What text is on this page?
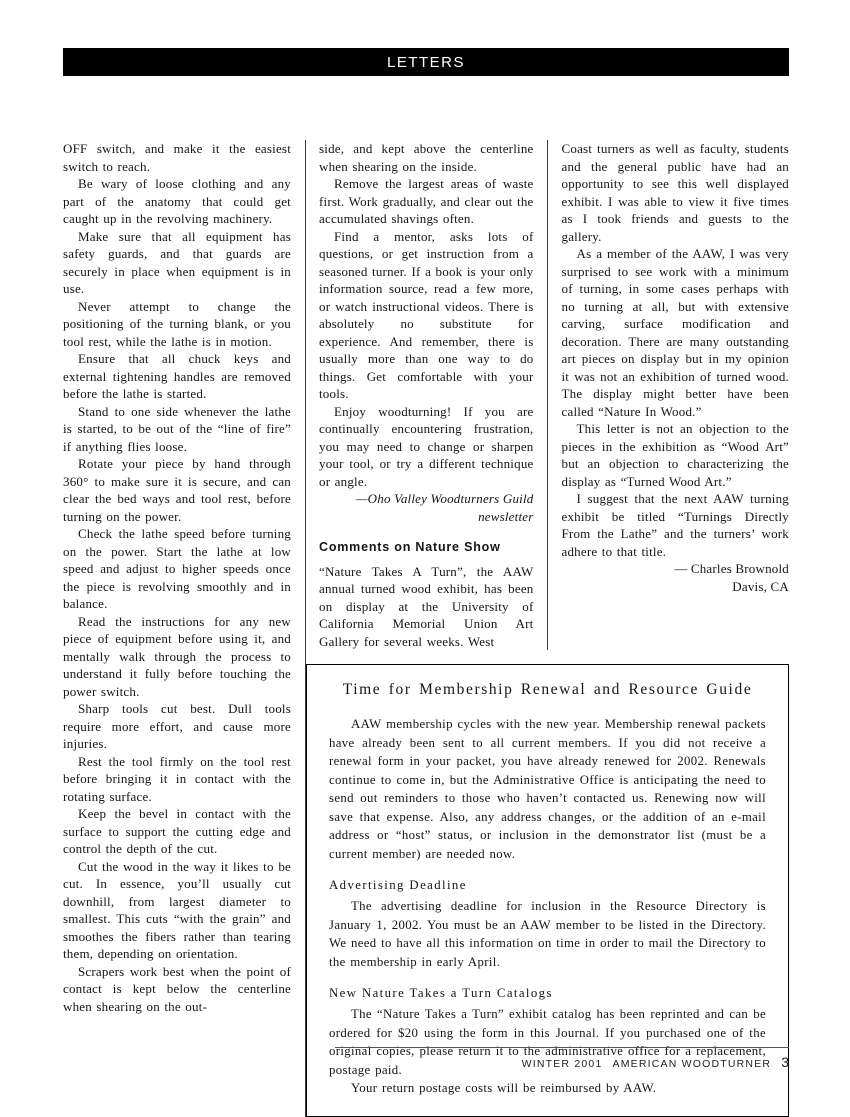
LETTERS

OFF switch, and make it the easiest switch to reach.

Be wary of loose clothing and any part of the anatomy that could get caught up in the revolving machinery.

Make sure that all equipment has safety guards, and that guards are securely in place when equipment is in use.

Never attempt to change the positioning of the turning blank, or you tool rest, while the lathe is in motion.

Ensure that all chuck keys and external tightening handles are removed before the lathe is started.

Stand to one side whenever the lathe is started, to be out of the “line of fire” if anything flies loose.

Rotate your piece by hand through 360° to make sure it is secure, and can clear the bed ways and tool rest, before turning on the power.

Check the lathe speed before turning on the power. Start the lathe at low speed and adjust to higher speeds once the piece is revolving smoothly and in balance.

Read the instructions for any new piece of equipment before using it, and mentally walk through the process to understand it fully before touching the power switch.

Sharp tools cut best. Dull tools require more effort, and cause more injuries.

Rest the tool firmly on the tool rest before bringing it in contact with the rotating surface.

Keep the bevel in contact with the surface to support the cutting edge and control the depth of the cut.

Cut the wood in the way it likes to be cut. In essence, you’ll usually cut downhill, from largest diameter to smallest. This cuts “with the grain” and smoothes the fibers rather than tearing them, depending on orientation.

Scrapers work best when the point of contact is kept below the centerline when shearing on the out-

side, and kept above the centerline when shearing on the inside.

Remove the largest areas of waste first. Work gradually, and clear out the accumulated shavings often.

Find a mentor, asks lots of questions, or get instruction from a seasoned turner. If a book is your only information source, read a few more, or watch instructional videos. There is absolutely no substitute for experience. And remember, there is usually more than one way to do things. Get comfortable with your tools.

Enjoy woodturning! If you are continually encountering frustration, you may need to change or sharpen your tool, or try a different technique or angle.

—Oho Valley Woodturners Guild

newsletter

Comments on Nature Show

“Nature Takes A Turn”, the AAW annual turned wood exhibit, has been on display at the University of California Memorial Union Art Gallery for several weeks. West

Coast turners as well as faculty, students and the general public have had an opportunity to see this well displayed exhibit. I was able to view it five times as I took friends and guests to the gallery.

As a member of the AAW, I was very surprised to see work with a minimum of turning, in some cases perhaps with no turning at all, but with extensive carving, surface modification and decoration. There are many outstanding art pieces on display but in my opinion it was not an exhibition of turned wood. The display might better have been called “Nature In Wood.”

This letter is not an objection to the pieces in the exhibition as “Wood Art” but an objection to characterizing the display as “Turned Wood Art.”

I suggest that the next AAW turning exhibit be titled “Turnings Directly From the Lathe” and the turners’ work adhere to that title.

— Charles Brownold

Davis, CA

Time for Membership Renewal and Resource Guide

AAW membership cycles with the new year. Membership renewal packets have already been sent to all current members. If you did not receive a renewal form in your packet, you have already renewed for 2002. Renewals continue to come in, but the Administrative Office is anticipating the need to send out reminders to those who haven’t contacted us. Renewing now will save that expense. Also, any address changes, or the addition of an e-mail address or “host” status, or inclusion in the demonstrator list (must be a current member) are needed now.

Advertising Deadline

The advertising deadline for inclusion in the Resource Directory is January 1, 2002. You must be an AAW member to be listed in the Directory. We need to have all this information on time in order to mail the Directory to the membership in early April.

New Nature Takes a Turn Catalogs

The “Nature Takes a Turn” exhibit catalog has been reprinted and can be ordered for $20 using the form in this Journal. If you purchased one of the original copies, please return it to the administrative office for a replacement, postage paid.

Your return postage costs will be reimbursed by AAW.

WINTER 2001 AMERICAN WOODTURNER 3
